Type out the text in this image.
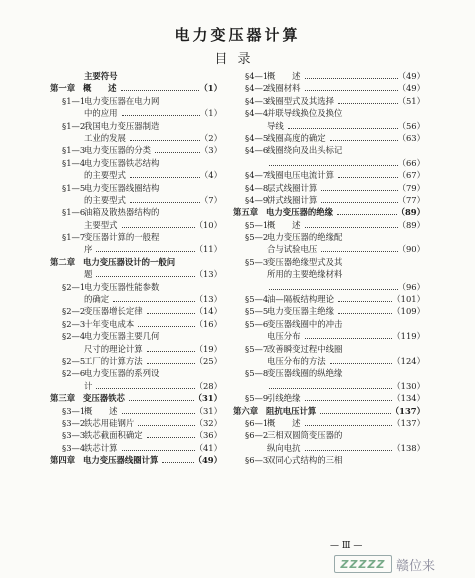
电力变压器计算
目录
主要符号
第一章 概　　述	（1）
§1—1
电力变压器在电力网
中的应用	（1）
§1—2
我国电力变压器制造
工业的发展	（2）
§1—3
电力变压器的分类	（3）
§1—4
电力变压器铁芯结构
的主要型式	（4）
§1—5
电力变压器线圈结构
的主要型式	（7）
§1—6
油箱及散热器结构的
主要型式	（10）
§1—7
变压器计算的一般程
序	（11）
第二章 电力变压器设计的一般问
题	（13）
§2—1
电力变压器性能参数
的确定	（13）
§2—2
变压器增长定律	（14）
§2—3
十年变电成本	（16）
§2—4
电力变压器主要几何
尺寸的理论计算	（19）
§2—5
工厂的计算方法	（25）
§2—6
电力变压器的系列设
计	（28）
第三章 变压器铁芯	（31）
§3—1
概　　述	（31）
§3—2
铁芯用硅钢片	（32）
§3—3
铁芯截面积确定	（36）
§3—4
铁芯计算	（41）
第四章 电力变压器线圈计算	（49）
§4—1
概　　述	（49）
§4—2
线圈材料	（49）
§4—3
线圈型式及其选择	（51）
§4—4
并联导线换位及换位
导线	（56）
§4—5
线圈高度的确定	（63）
§4—6
线圈绕向及出头标记
（66）
§4—7
线圈电压电流计算	（67）
§4—8
层式线圈计算	（79）
§4—9
饼式线圈计算	（77）
第五章 电力变压器的绝缘	（89）
§5—1
概　　述	（89）
§5—2
电力变压器的绝缘配
合与试验电压	（90）
§5—3
变压器绝缘型式及其
所用的主要绝缘材料
（96）
§5—4
油—隔板结构理论	（101）
§5—5
电力变压器主绝缘	（109）
§5—6
变压器线圈中的冲击
电压分布	（119）
§5—7
改善瞬变过程中线圈
电压分布的方法	（124）
§5—8
变压器线圈的纵绝缘
（130）
§5—9
引线绝缘	（134）
第六章 阻抗电压计算	（137）
§6—1
概　　述	（137）
§6—2
三相双圆筒变压器的
纵向电抗	（138）
§6—3
双同心式结构的三相
— Ⅲ —
ZZZZZ 赣位来
